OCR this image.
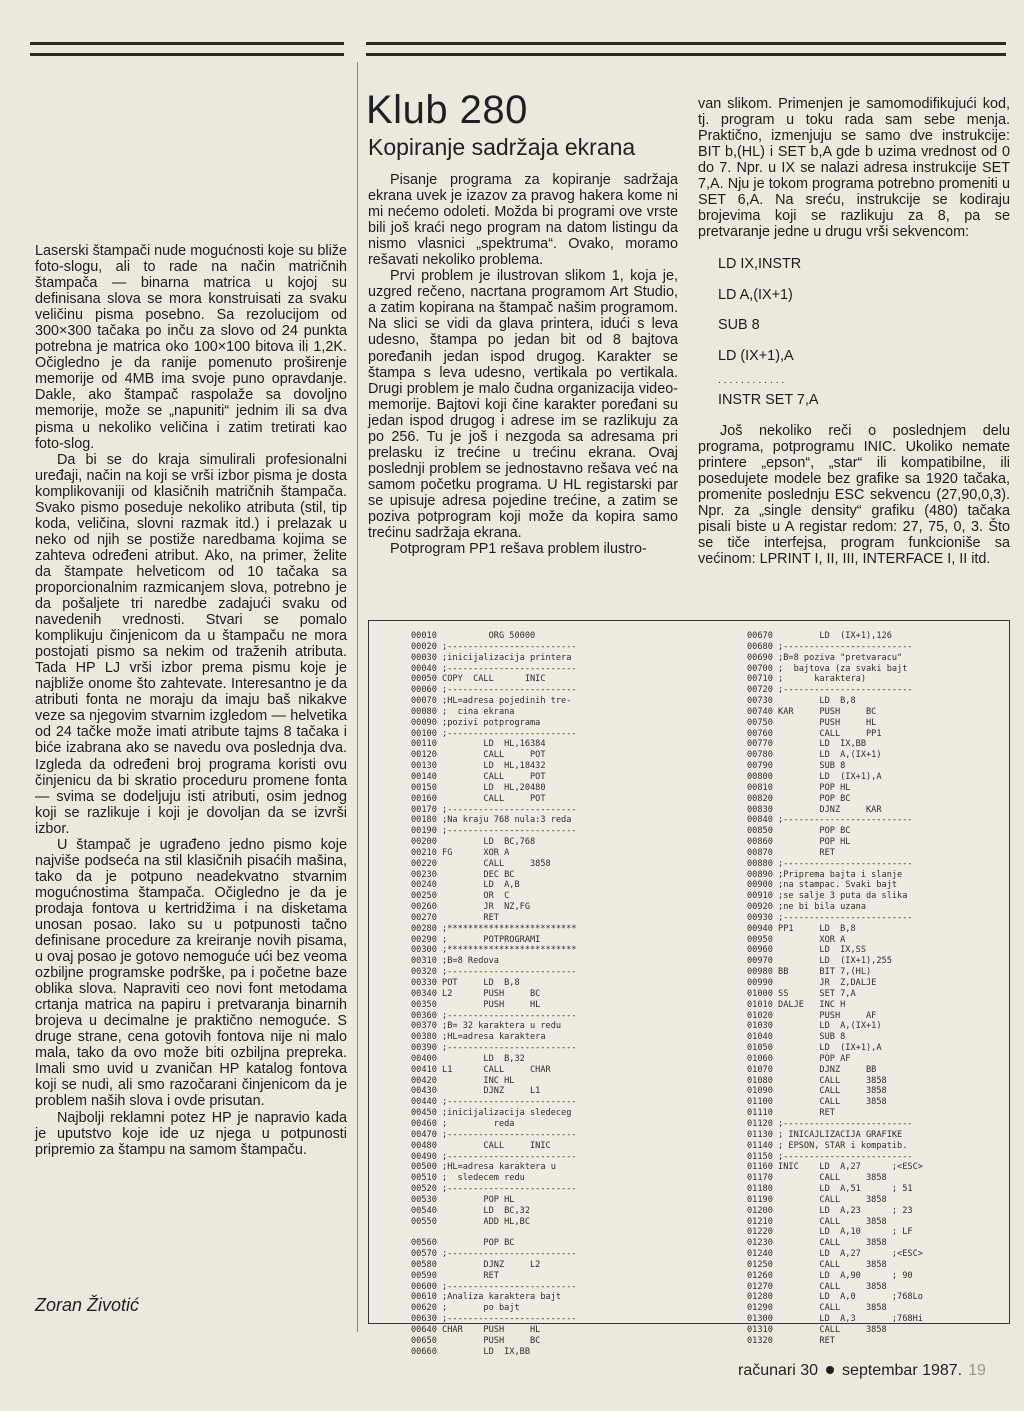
Laserski štampači nude mogućnosti koje su bliže foto-slogu, ali to rade na način matričnih štampača — binarna matrica u kojoj su definisana slova se mora konstruisati za svaku veličinu pisma posebno. Sa rezolucijom od 300×300 tačaka po inču za slovo od 24 punkta potrebna je matrica oko 100×100 bitova ili 1,2K. Očigledno je da ranije pomenuto proširenje memorije od 4MB ima svoje puno opravdanje. Dakle, ako štampač raspolaže sa dovoljno memorije, može se „napuniti“ jednim ili sa dva pisma u nekoliko veličina i zatim tretirati kao foto-slog.

Da bi se do kraja simulirali profesionalni uređaji, način na koji se vrši izbor pisma je dosta komplikovaniji od klasičnih matričnih štampača. Svako pismo poseduje nekoliko atributa (stil, tip koda, veličina, slovni razmak itd.) i prelazak u neko od njih se postiže naredbama kojima se zahteva određeni atribut. Ako, na primer, želite da štampate helveticom od 10 tačaka sa proporcionalnim razmicanjem slova, potrebno je da pošaljete tri naredbe zadajući svaku od navedenih vrednosti. Stvari se pomalo komplikuju činjenicom da u štampaču ne mora postojati pismo sa nekim od traženih atributa. Tada HP LJ vrši izbor prema pismu koje je najbliže onome što zahtevate. Interesantno je da atributi fonta ne moraju da imaju baš nikakve veze sa njegovim stvarnim izgledom — helvetika od 24 tačke može imati atribute tajms 8 tačaka i biće izabrana ako se navedu ova poslednja dva. Izgleda da određeni broj programa koristi ovu činjenicu da bi skratio proceduru promene fonta — svima se dodeljuju isti atributi, osim jednog koji se razlikuje i koji je dovoljan da se izvrši izbor.

U štampač je ugrađeno jedno pismo koje najviše podseća na stil klasičnih pisaćih mašina, tako da je potpuno neadekvatno stvarnim mogućnostima štampača. Očigledno je da je prodaja fontova u kertridžima i na disketama unosan posao. Iako su u potpunosti tačno definisane procedure za kreiranje novih pisama, u ovaj posao je gotovo nemoguće ući bez veoma ozbiljne programske podrške, pa i početne baze oblika slova. Napraviti ceo novi font metodama crtanja matrica na papiru i pretvaranja binarnih brojeva u decimalne je praktično nemoguće. S druge strane, cena gotovih fontova nije ni malo mala, tako da ovo može biti ozbiljna prepreka. Imali smo uvid u zvaničan HP katalog fontova koji se nudi, ali smo razočarani činjenicom da je problem naših slova i ovde prisutan.

Najbolji reklamni potez HP je napravio kada je uputstvo koje ide uz njega u potpunosti pripremio za štampu na samom štampaču.

Klub 280
Kopiranje sadržaja ekrana

Pisanje programa za kopiranje sadržaja ekrana uvek je izazov za pravog hakera kome ni mi nećemo odoleti. Možda bi programi ove vrste bili još kraći nego program na datom listingu da nismo vlasnici „spektruma“. Ovako, moramo rešavati nekoliko problema.

Prvi problem je ilustrovan slikom 1, koja je, uzgred rečeno, nacrtana programom Art Studio, a zatim kopirana na štampač našim programom. Na slici se vidi da glava printera, idući s leva udesno, štampa po jedan bit od 8 bajtova poređanih jedan ispod drugog. Karakter se štampa s leva udesno, vertikala po vertikala. Drugi problem je malo čudna organizacija video-memorije. Bajtovi koji čine karakter poređani su jedan ispod drugog i adrese im se razlikuju za po 256. Tu je još i nezgoda sa adresama pri prelasku iz trećine u trećinu ekrana. Ovaj poslednji problem se jednostavno rešava već na samom početku programa. U HL registarski par se upisuje adresa pojedine trećine, a zatim se poziva potprogram koji može da kopira samo trećinu sadržaja ekrana.

Potprogram PP1 rešava problem ilustro-

van slikom. Primenjen je samomodifikujući kod, tj. program u toku rada sam sebe menja. Praktično, izmenjuju se samo dve instrukcije: BIT b,(HL) i SET b,A gde b uzima vrednost od 0 do 7. Npr. u IX se nalazi adresa instrukcije SET 7,A. Nju je tokom programa potrebno promeniti u SET 6,A. Na sreću, instrukcije se kodiraju brojevima koji se razlikuju za 8, pa se pretvaranje jedne u drugu vrši sekvencom:

LD IX,INSTR
LD A,(IX+1)
SUB 8
LD (IX+1),A
............
INSTR SET 7,A

Još nekoliko reči o poslednjem delu programa, potprogramu INIC. Ukoliko nemate printere „epson“, „star“ ili kompatibilne, ili posedujete modele bez grafike sa 1920 tačaka, promenite poslednju ESC sekvencu (27,90,0,3). Npr. za „single density“ grafiku (480) tačaka pisali biste u A registar redom: 27, 75, 0, 3. Što se tiče interfejsa, program funkcioniše sa većinom: LPRINT I, II, III, INTERFACE I, II itd.

00010          ORG 50000
00020 ;-------------------------
00030 ;inicijalizacija printera
00040 ;-------------------------
00050 COPY  CALL      INIC
00060 ;-------------------------
00070 ;HL=adresa pojedinih tre-
00080 ;  cina ekrana
00090 ;pozivi potprograma
00100 ;-------------------------
00110         LD  HL,16384
00120         CALL     POT
00130         LD  HL,18432
00140         CALL     POT
00150         LD  HL,20480
00160         CALL     POT
00170 ;-------------------------
00180 ;Na kraju 768 nula:3 reda
00190 ;-------------------------
00200         LD  BC,768
00210 FG      XOR A
00220         CALL     3858
00230         DEC BC
00240         LD  A,B
00250         OR  C
00260         JR  NZ,FG
00270         RET
00280 ;*************************
00290 ;       POTPROGRAMI
00300 ;*************************
00310 ;B=8 Redova
00320 ;-------------------------
00330 POT     LD  B,8
00340 L2      PUSH     BC
00350         PUSH     HL
00360 ;-------------------------
00370 ;B= 32 karaktera u redu
00380 ;HL=adresa karaktera
00390 ;-------------------------
00400         LD  B,32
00410 L1      CALL     CHAR
00420         INC HL
00430         DJNZ     L1
00440 ;-------------------------
00450 ;inicijalizacija sledeceg
00460 ;         reda
00470 ;-------------------------
00480         CALL     INIC
00490 ;-------------------------
00500 ;HL=adresa karaktera u
00510 ;  sledecem redu
00520 ;-------------------------
00530         POP HL
00540         LD  BC,32
00550         ADD HL,BC
00560         POP BC
00570 ;-------------------------
00580         DJNZ     L2
00590         RET
00600 ;-------------------------
00610 ;Analiza karaktera bajt
00620 ;       po bajt
00630 ;-------------------------
00640 CHAR    PUSH     HL
00650         PUSH     BC
00660         LD  IX,BB
00670         LD  (IX+1),126
00680 ;-------------------------
00690 ;B=8 poziva "pretvaracu"
00700 ;  bajtova (za svaki bajt
00710 ;      karaktera)
00720 ;-------------------------
00730         LD  B,8
00740 KAR     PUSH     BC
00750         PUSH     HL
00760         CALL     PP1
00770         LD  IX,BB
00780         LD  A,(IX+1)
00790         SUB 8
00800         LD  (IX+1),A
00810         POP HL
00820         POP BC
00830         DJNZ     KAR
00840 ;-------------------------
00850         POP BC
00860         POP HL
00870         RET
00880 ;-------------------------
00890 ;Priprema bajta i slanje
00900 ;na stampac. Svaki bajt
00910 ;se salje 3 puta da slika
00920 ;ne bi bila uzana
00930 ;-------------------------
00940 PP1     LD  B,8
00950         XOR A
00960         LD  IX,SS
00970         LD  (IX+1),255
00980 BB      BIT 7,(HL)
00990         JR  Z,DALJE
01000 SS      SET 7,A
01010 DALJE   INC H
01020         PUSH     AF
01030         LD  A,(IX+1)
01040         SUB 8
01050         LD  (IX+1),A
01060         POP AF
01070         DJNZ     BB
01080         CALL     3858
01090         CALL     3858
01100         CALL     3858
01110         RET
01120 ;-------------------------
01130 ; INICAJLIZACIJA GRAFIKE
01140 ; EPSON, STAR i kompatib.
01150 ;-------------------------
01160 INIC    LD  A,27      ;<ESC>
01170         CALL     3858
01180         LD  A,51      ; 51
01190         CALL     3858
01200         LD  A,23      ; 23
01210         CALL     3858
01220         LD  A,10      ; LF
01230         CALL     3858
01240         LD  A,27      ;<ESC>
01250         CALL     3858
01260         LD  A,90      ; 90
01270         CALL     3858
01280         LD  A,0       ;768Lo
01290         CALL     3858
01300         LD  A,3       ;768Hi
01310         CALL     3858
01320         RET
Zoran Životić
računari 30 septembar 1987. 19
